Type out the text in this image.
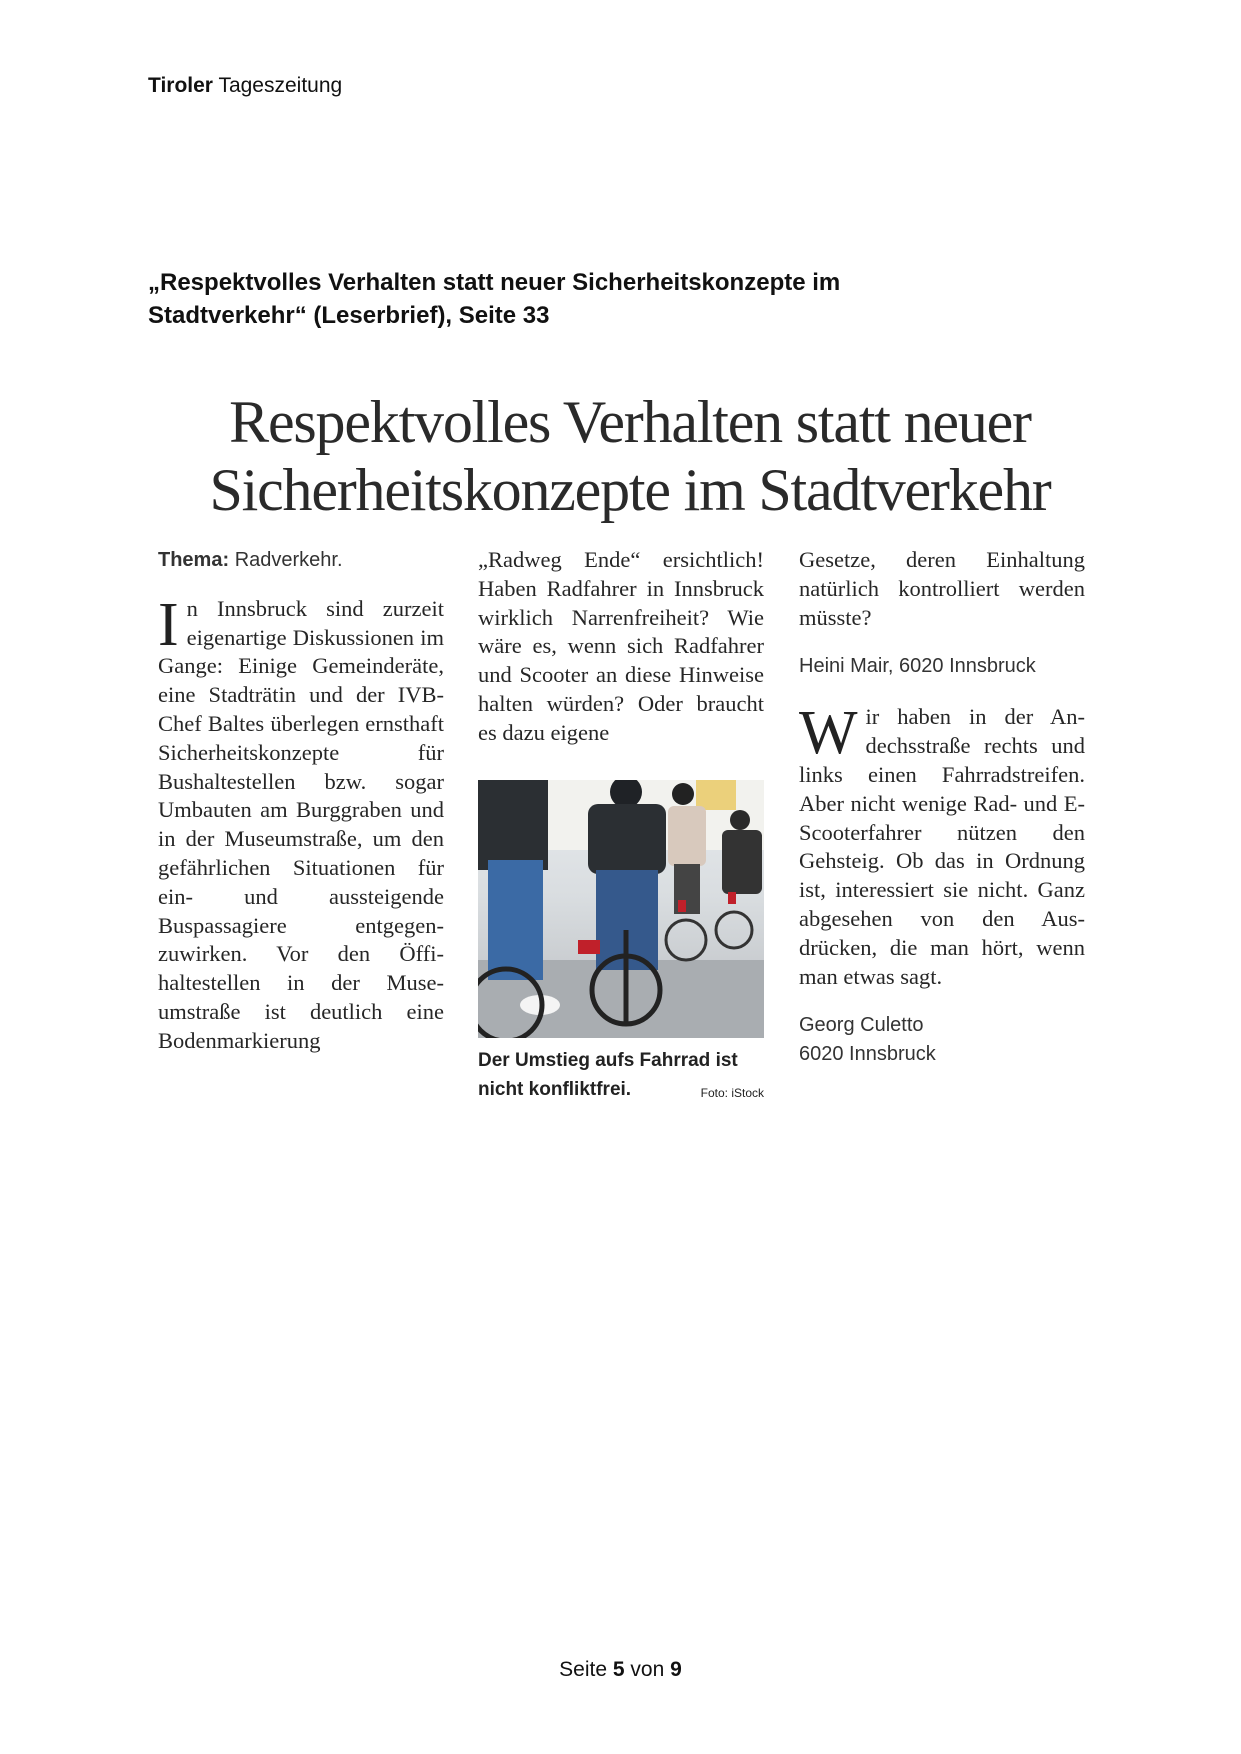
Tiroler Tageszeitung
„Respektvolles Verhalten statt neuer Sicherheitskonzepte im
Stadtverkehr“ (Leserbrief), Seite 33
Respektvolles Verhalten statt neuer
Sicherheitskonzepte im Stadtverkehr
Thema: Radverkehr.
In Innsbruck sind zurzeit eigenartige Diskussionen im Gange: Einige Gemeinderäte, eine Stadträtin und der IVB-Chef Baltes überlegen ernsthaft Sicherheitskonzepte für Bushaltestellen bzw. sogar Umbauten am Burggraben und in der Museumstraße, um den gefährlichen Situationen für ein- und aussteigende Buspassagiere entgegenzuwirken. Vor den Öffihaltestellen in der Museumstraße ist deutlich eine Bodenmarkierung
„Radweg Ende“ ersichtlich! Haben Radfahrer in Innsbruck wirklich Narrenfreiheit? Wie wäre es, wenn sich Radfahrer und Scooter an diese Hinweise halten würden? Oder braucht es dazu eigene
Der Umstieg aufs Fahrrad ist nicht konfliktfrei.	Foto: iStock
Gesetze, deren Einhaltung natürlich kontrolliert werden müsste?
Heini Mair, 6020 Innsbruck
Wir haben in der Andechsstraße rechts und links einen Fahrradstreifen. Aber nicht wenige Rad- und E-Scooterfahrer nützen den Gehsteig. Ob das in Ordnung ist, interessiert sie nicht. Ganz abgesehen von den Ausdrücken, die man hört, wenn man etwas sagt.
Georg Culetto
6020 Innsbruck
Seite 5 von 9
